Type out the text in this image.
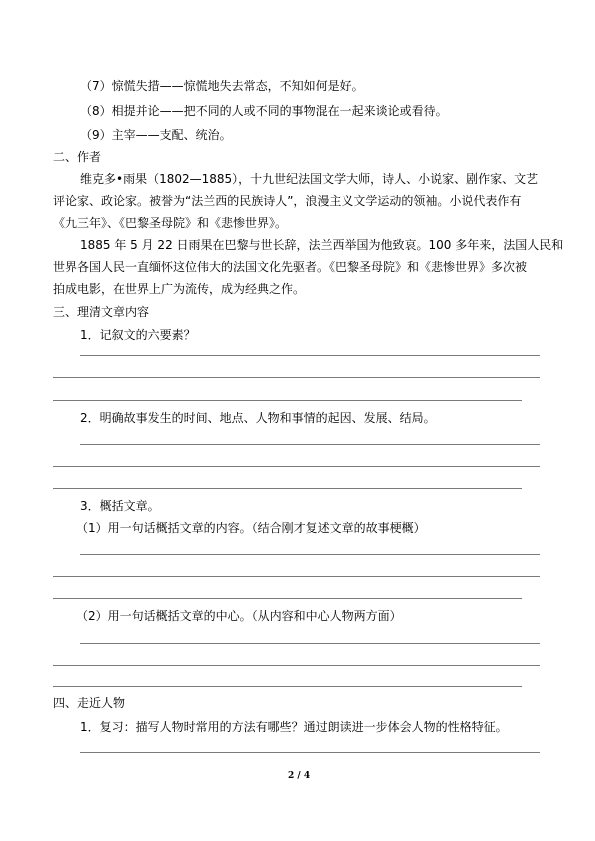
（7）惊慌失措——惊慌地失去常态，不知如何是好。
（8）相提并论——把不同的人或不同的事物混在一起来谈论或看待。
（9）主宰——支配、统治。
二、作者
维克多•雨果（1802—1885），十九世纪法国文学大师，诗人、小说家、剧作家、文艺
评论家、政论家。被誉为“法兰西的民族诗人”，浪漫主义文学运动的领袖。小说代表作有
《九三年》、《巴黎圣母院》和《悲惨世界》。
1885 年 5 月 22 日雨果在巴黎与世长辞，法兰西举国为他致哀。100 多年来，法国人民和
世界各国人民一直缅怀这位伟大的法国文化先驱者。《巴黎圣母院》和《悲惨世界》多次被
拍成电影，在世界上广为流传，成为经典之作。
三、理清文章内容
1．记叙文的六要素？
2．明确故事发生的时间、地点、人物和事情的起因、发展、结局。
3．概括文章。
（1）用一句话概括文章的内容。（结合刚才复述文章的故事梗概）
（2）用一句话概括文章的中心。（从内容和中心人物两方面）
四、走近人物
1．复习：描写人物时常用的方法有哪些？通过朗读进一步体会人物的性格特征。
2 / 4
